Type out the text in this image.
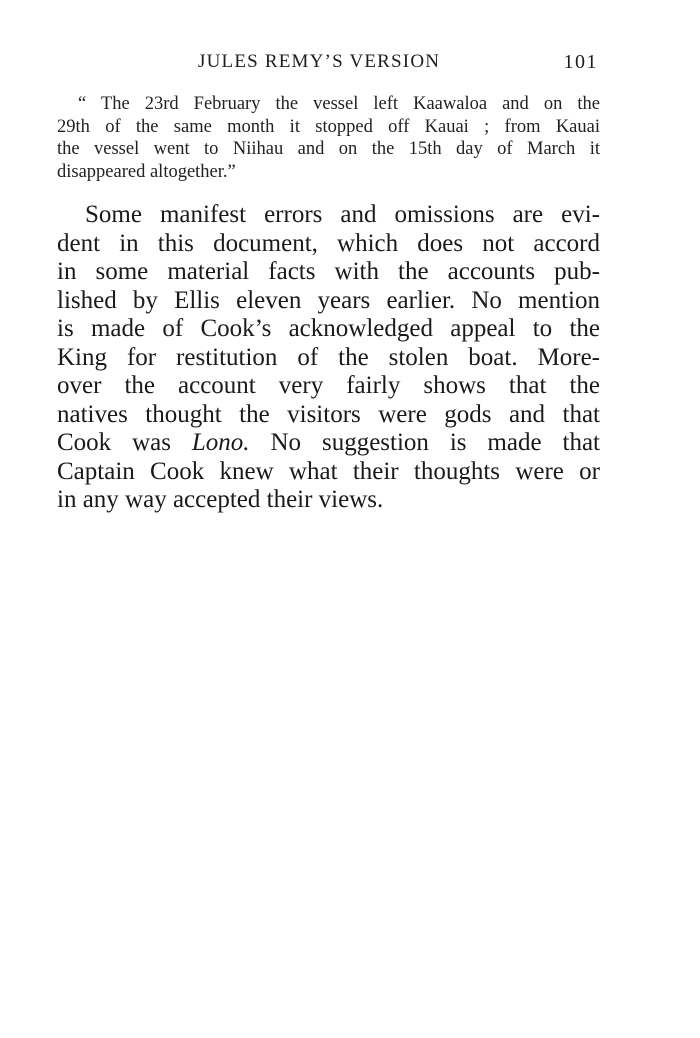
JULES REMY’S VERSION	101
“ The 23rd February the vessel left Kaawaloa and on the
29th of the same month it stopped off Kauai ; from Kauai
the vessel went to Niihau and on the 15th day of March it
disappeared altogether.”
Some manifest errors and omissions are evi-
dent in this document, which does not accord
in some material facts with the accounts pub-
lished by Ellis eleven years earlier. No mention
is made of Cook’s acknowledged appeal to the
King for restitution of the stolen boat. More-
over the account very fairly shows that the
natives thought the visitors were gods and that
Cook was Lono. No suggestion is made that
Captain Cook knew what their thoughts were or
in any way accepted their views.
